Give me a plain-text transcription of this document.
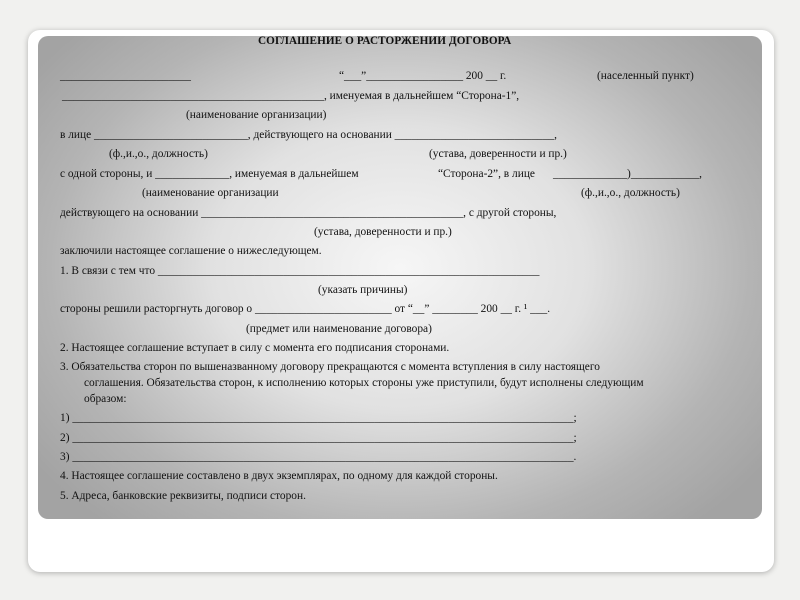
СОГЛАШЕНИЕ О РАСТОРЖЕНИИ ДОГОВОРА
_______________________	“___”_________________ 200 __ г.	(населенный пункт)
______________________________________________, именуемая в дальнейшем “Сторона-1”,
(наименование организации)
в лице ___________________________, действующего на основании ____________________________,
(ф.,и.,о., должность)	(устава, доверенности и пр.)
с одной стороны, и _____________, именуемая в дальнейшем	“Сторона-2”, в лице _____________)____________,
(наименование организации	(ф.,и.,о., должность)
действующего на основании ______________________________________________, с другой стороны,
(устава, доверенности и пр.)
заключили настоящее соглашение о нижеследующем.
1. В связи с тем что ___________________________________________________________________
(указать причины)
стороны решили расторгнуть договор о ________________________ от “__” ________ 200 __ г. ¹ ___.
(предмет или наименование договора)
2. Настоящее соглашение вступает в силу с момента его подписания сторонами.
3. Обязательства сторон по вышеназванному договору прекращаются с момента вступления в силу настоящего
соглашения. Обязательства сторон, к исполнению которых стороны уже приступили, будут исполнены следующим
образом:
1) ________________________________________________________________________________________;
2) ________________________________________________________________________________________;
3) ________________________________________________________________________________________.
4. Настоящее соглашение составлено в двух экземплярах, по одному для каждой стороны.
5. Адреса, банковские реквизиты, подписи сторон.
